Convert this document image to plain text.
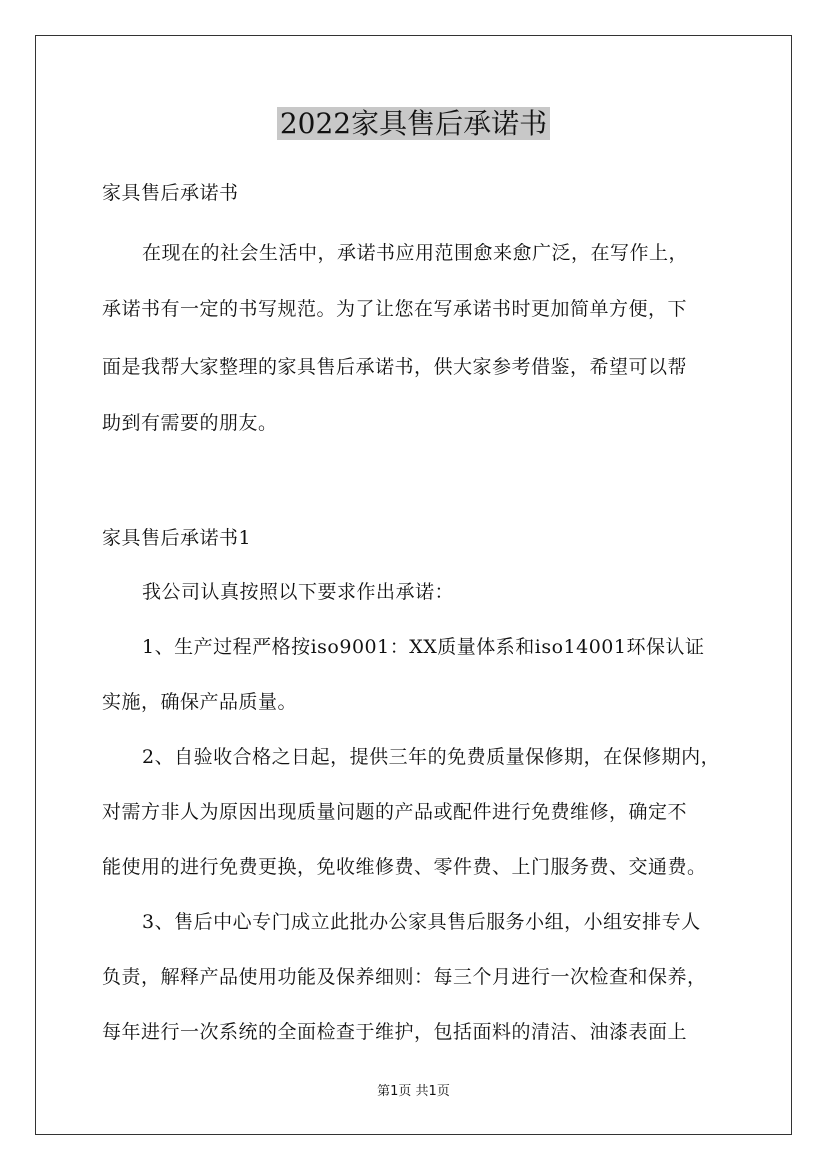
2022家具售后承诺书
家具售后承诺书
在现在的社会生活中，承诺书应用范围愈来愈广泛，在写作上，
承诺书有一定的书写规范。为了让您在写承诺书时更加简单方便，下
面是我帮大家整理的家具售后承诺书，供大家参考借鉴，希望可以帮
助到有需要的朋友。
家具售后承诺书1
我公司认真按照以下要求作出承诺：
1、生产过程严格按iso9001：XX质量体系和iso14001环保认证
实施，确保产品质量。
2、自验收合格之日起，提供三年的免费质量保修期，在保修期内，
对需方非人为原因出现质量问题的产品或配件进行免费维修，确定不
能使用的进行免费更换，免收维修费、零件费、上门服务费、交通费。
3、售后中心专门成立此批办公家具售后服务小组，小组安排专人
负责，解释产品使用功能及保养细则：每三个月进行一次检查和保养，
每年进行一次系统的全面检查于维护，包括面料的清洁、油漆表面上
第1页 共1页
